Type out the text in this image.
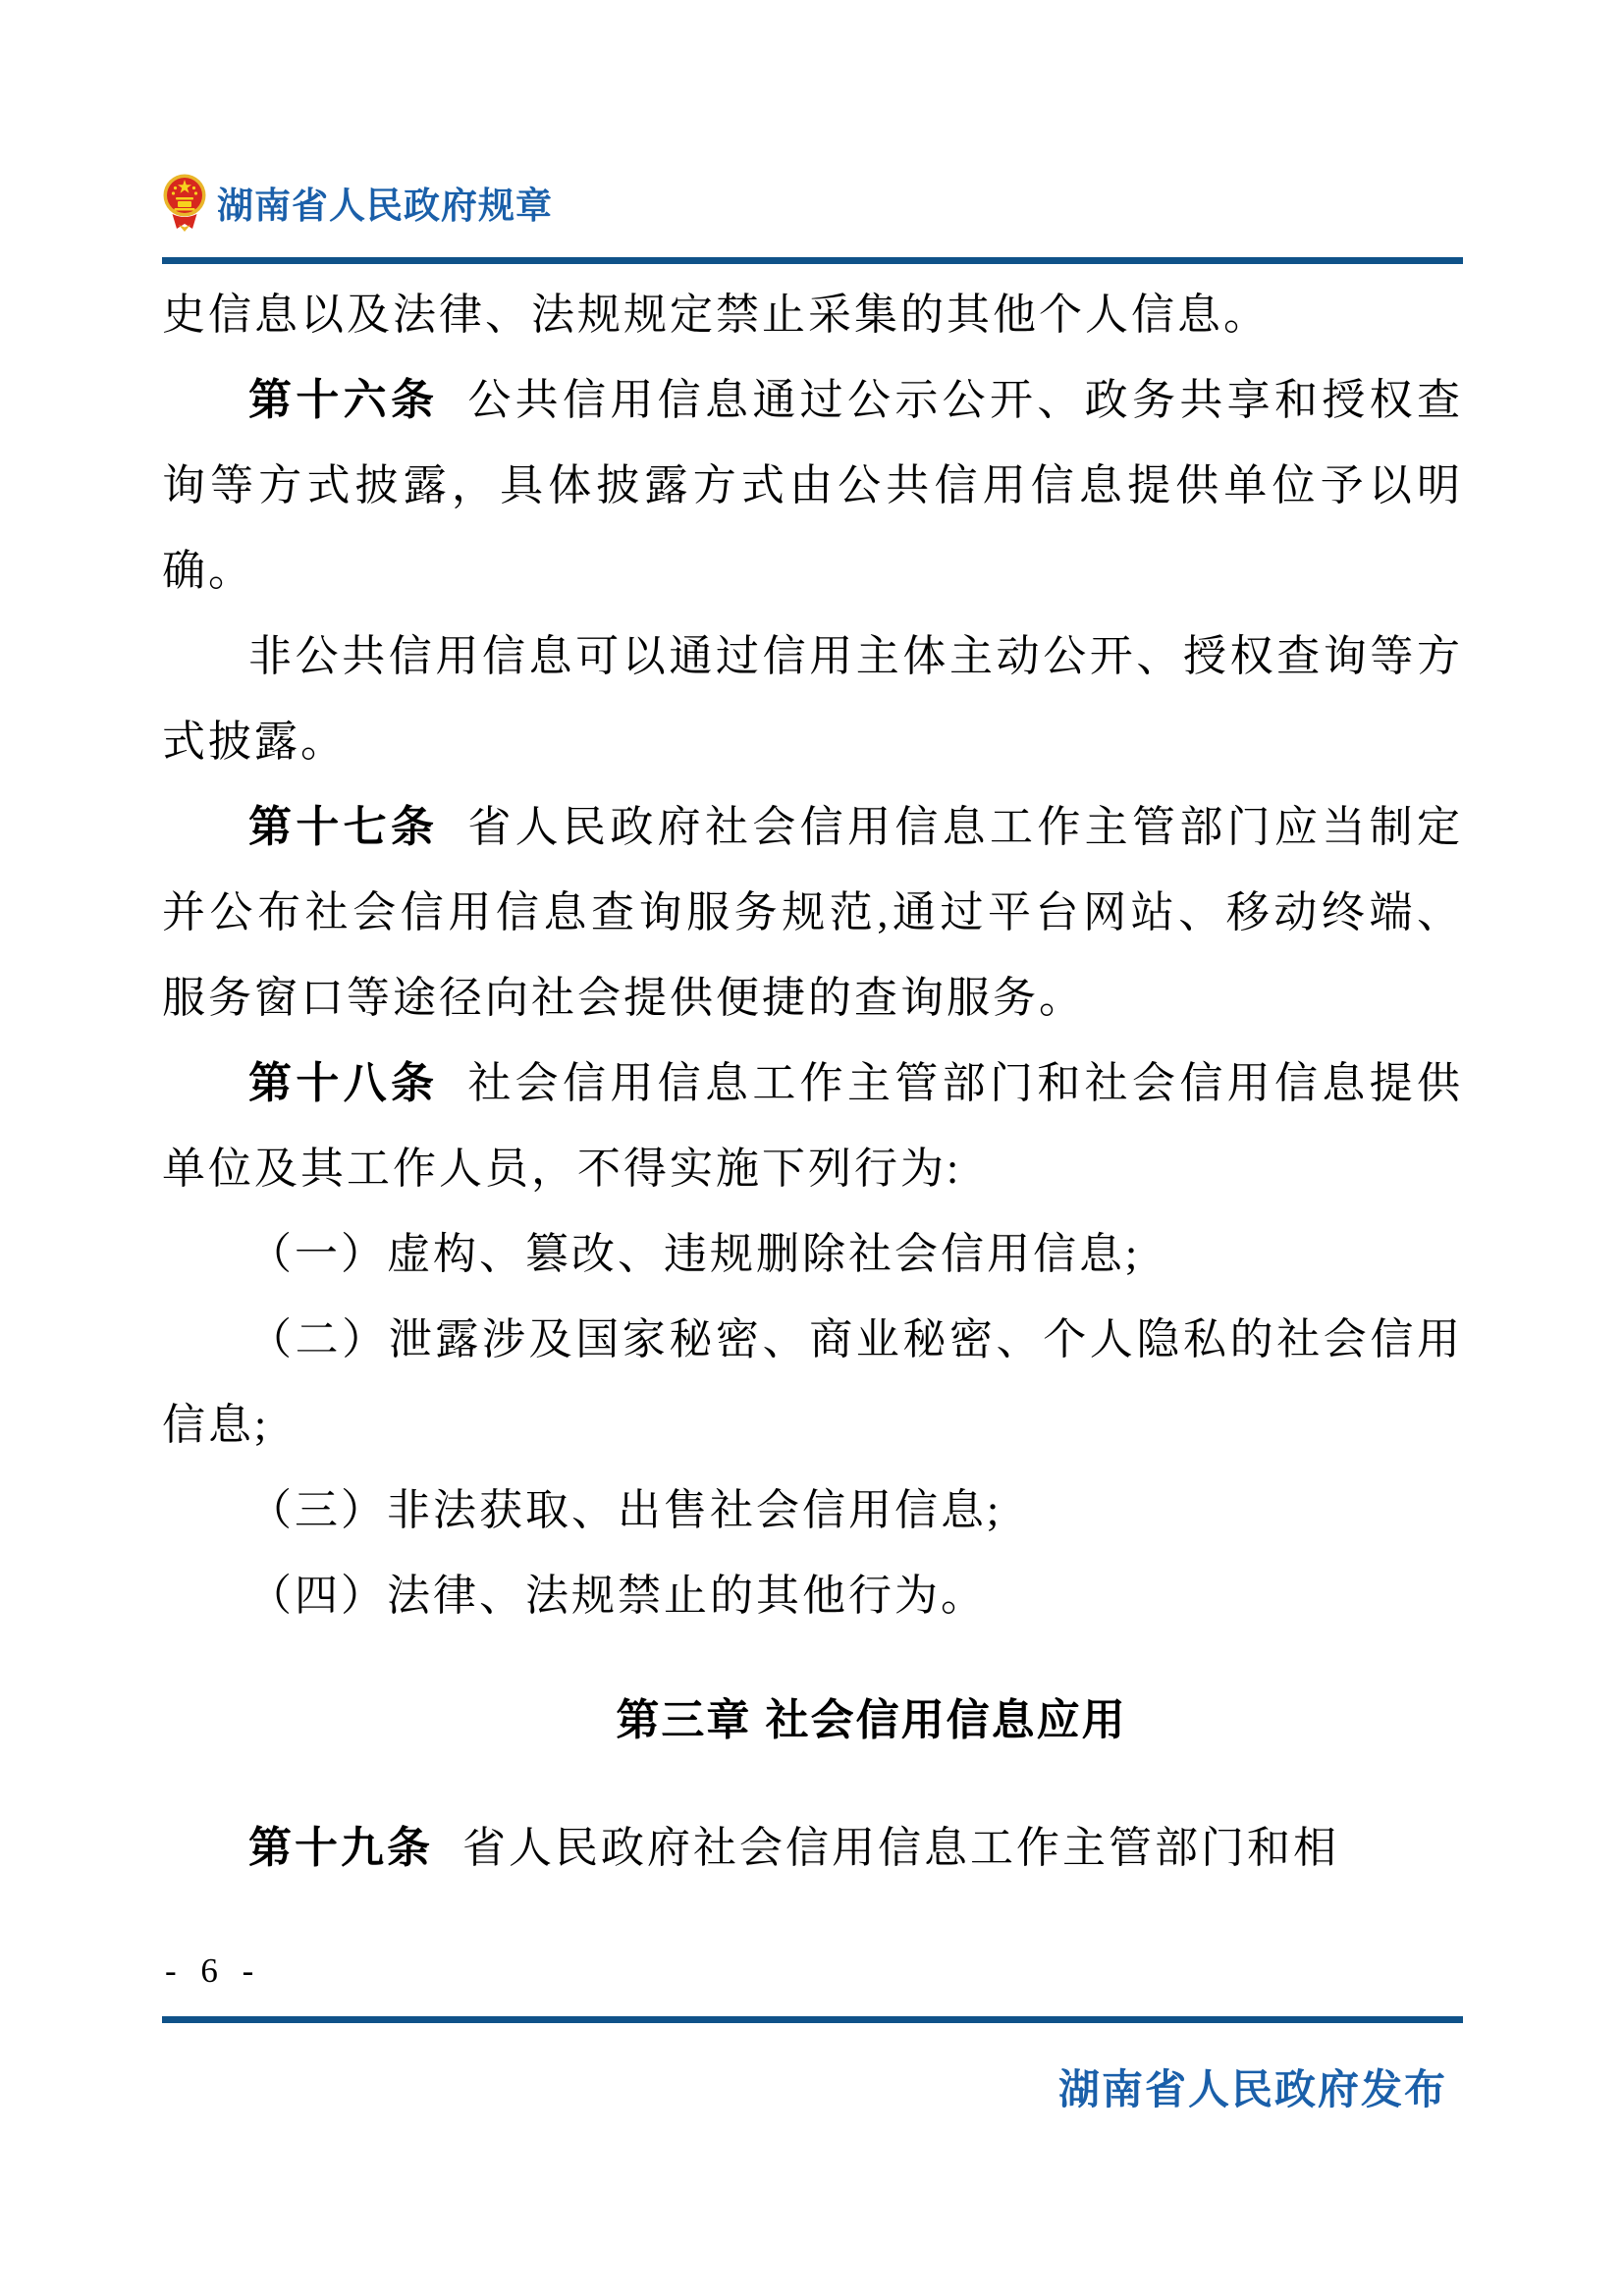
湖南省人民政府规章

史信息以及法律、法规规定禁止采集的其他个人信息。

第十六条 公共信用信息通过公示公开、政务共享和授权查询等方式披露，具体披露方式由公共信用信息提供单位予以明确。

非公共信用信息可以通过信用主体主动公开、授权查询等方式披露。

第十七条 省人民政府社会信用信息工作主管部门应当制定并公布社会信用信息查询服务规范,通过平台网站、移动终端、服务窗口等途径向社会提供便捷的查询服务。

第十八条 社会信用信息工作主管部门和社会信用信息提供单位及其工作人员，不得实施下列行为:

（一）虚构、篡改、违规删除社会信用信息;

（二）泄露涉及国家秘密、商业秘密、个人隐私的社会信用信息;

（三）非法获取、出售社会信用信息;

（四）法律、法规禁止的其他行为。

第三章 社会信用信息应用

第十九条 省人民政府社会信用信息工作主管部门和相

- 6 -
湖南省人民政府发布
